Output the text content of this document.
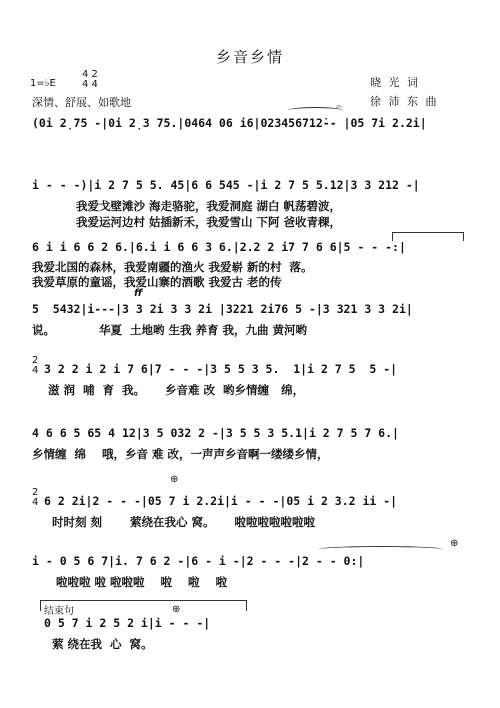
乡音乡情
1=♭E
4 2
4 4
深情、舒展、如歌地
晓 光 词
徐 沛 东 曲
(0i 2̣75 -|0i 2̣3 75.|0464 06 i6|023456712̇-- |05 7i 2.2i|
𝄐
i - - -)|i 2 7 5 5. 45|6 6 545 -|i 2 7 5 5.12|3 3 212 -|
我爱戈壁滩沙 海走骆驼，我爱洞庭 湖白 帆荡碧波，
我爱运河边村 姑插新禾，我爱雪山 下阿 爸收青稞，
6 i i 6 6 2 6.|6.i i 6 6 3 6.|2.2 2 i7 7 6 6|5 - - -:|
我爱北国的森林，我爱南疆的渔火 我爱崭 新的村  落。
我爱草原的童谣，我爱山寨的酒歌 我爱古 老的传
ff
5  5432|i---|3 3 2i 3 3 2i |3221 2i76 5 -|3 321 3 3 2i|
说。           华夏  土地哟 生我 养育 我，九曲 黄河哟
2
4 3 2 2 i 2 i 7 6|7 - - -|3 5 5 3 5.  1|i 2 7 5  5 -|
滋 润  哺  育  我。     乡音难 改  哟乡情缠   绵，
4 6 6 5 65 4 12|3 5 032 2 -|3 5 5 3 5.1|i 2 7 5 7 6.|
乡情缠  绵    哦，乡音 难 改，一声声乡音啊一缕缕乡情，
⊕
2
4 6 2 2i|2 - - -|05 7 i 2.2i|i - - -|05 i 2 3.2 ii -|
时时刻 刻       萦绕在我心 窝。     啦啦啦啦啦啦啦
⊕
i - 0 5 6 7|i. 7 6 2 -|6 - i -|2 - - -|2 - - 0:|
啦啦啦 啦 啦啦啦    啦    啦    啦
结束句	⊕
0 5 7 i 2 5 2 i|i - - -|
萦 绕在我  心  窝。
